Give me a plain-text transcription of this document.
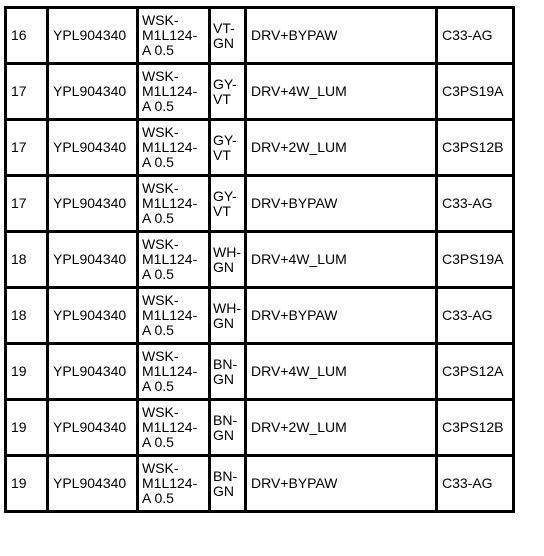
16	YPL904340	WSK-
M1L124-
A 0.5	VT-
GN	DRV+BYPAW	C33-AG
17	YPL904340	WSK-
M1L124-
A 0.5	GY-
VT	DRV+4W_LUM	C3PS19A
17	YPL904340	WSK-
M1L124-
A 0.5	GY-
VT	DRV+2W_LUM	C3PS12B
17	YPL904340	WSK-
M1L124-
A 0.5	GY-
VT	DRV+BYPAW	C33-AG
18	YPL904340	WSK-
M1L124-
A 0.5	WH-
GN	DRV+4W_LUM	C3PS19A
18	YPL904340	WSK-
M1L124-
A 0.5	WH-
GN	DRV+BYPAW	C33-AG
19	YPL904340	WSK-
M1L124-
A 0.5	BN-
GN	DRV+4W_LUM	C3PS12A
19	YPL904340	WSK-
M1L124-
A 0.5	BN-
GN	DRV+2W_LUM	C3PS12B
19	YPL904340	WSK-
M1L124-
A 0.5	BN-
GN	DRV+BYPAW	C33-AG
